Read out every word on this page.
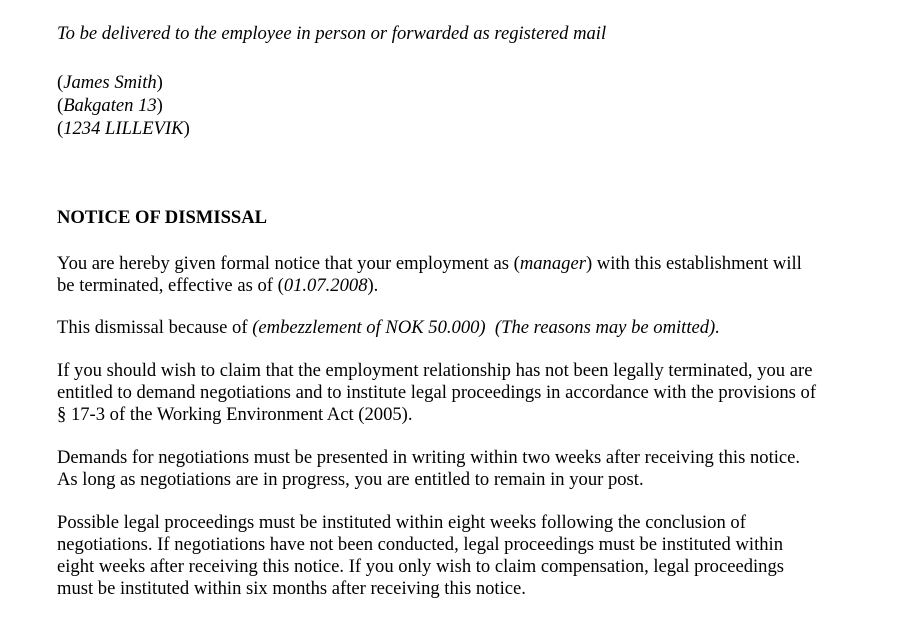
To be delivered to the employee in person or forwarded as registered mail
(James Smith)
(Bakgaten 13)
(1234 LILLEVIK)
NOTICE OF DISMISSAL
You are hereby given formal notice that your employment as (manager) with this establishment will
be terminated, effective as of (01.07.2008).
This dismissal because of (embezzlement of NOK 50.000) (The reasons may be omitted).
If you should wish to claim that the employment relationship has not been legally terminated, you are
entitled to demand negotiations and to institute legal proceedings in accordance with the provisions of
§ 17-3 of the Working Environment Act (2005).
Demands for negotiations must be presented in writing within two weeks after receiving this notice.
As long as negotiations are in progress, you are entitled to remain in your post.
Possible legal proceedings must be instituted within eight weeks following the conclusion of
negotiations. If negotiations have not been conducted, legal proceedings must be instituted within
eight weeks after receiving this notice. If you only wish to claim compensation, legal proceedings
must be instituted within six months after receiving this notice.
